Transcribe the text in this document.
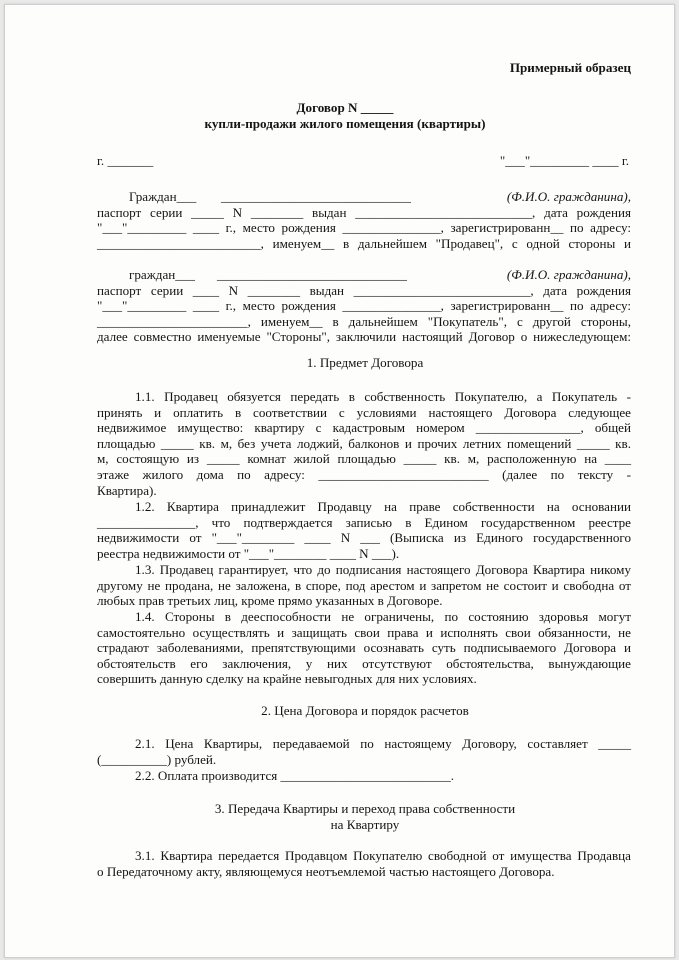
Примерный образец
Договор N _____
купли-продажи жилого помещения (квартиры)
г. _______	"___"_________ ____ г.
Граждан___ _____________________________	(Ф.И.О. гражданина),
паспорт серии _____ N ________ выдан ___________________________, дата рождения
"___"_________ ____ г., место рождения _______________, зарегистрированн__ по адресу:
_________________________, именуем__ в дальнейшем "Продавец", с одной стороны и
граждан___ _____________________________	(Ф.И.О. гражданина),
паспорт серии ____ N ________ выдан ___________________________, дата рождения
"___"_________ ____ г., место рождения _______________, зарегистрированн__ по адресу:
_______________________, именуем__ в дальнейшем "Покупатель", с другой стороны,
далее совместно именуемые "Стороны", заключили настоящий Договор о нижеследующем:
1. Предмет Договора
1.1. Продавец обязуется передать в собственность Покупателю, а Покупатель -
принять и оплатить в соответствии с условиями настоящего Договора следующее
недвижимое имущество: квартиру с кадастровым номером ________________, общей
площадью _____ кв. м, без учета лоджий, балконов и прочих летних помещений _____ кв.
м, состоящую из _____ комнат жилой площадью _____ кв. м, расположенную на ____
этаже жилого дома по адресу: __________________________ (далее по тексту -
Квартира).
1.2. Квартира принадлежит Продавцу на праве собственности на основании
_______________, что подтверждается записью в Едином государственном реестре
недвижимости от "___"________ ____ N ___ (Выписка из Единого государственного
реестра недвижимости от "___"________ ____ N ___).
1.3. Продавец гарантирует, что до подписания настоящего Договора Квартира никому
другому не продана, не заложена, в споре, под арестом и запретом не состоит и свободна от
любых прав третьих лиц, кроме прямо указанных в Договоре.
1.4. Стороны в дееспособности не ограничены, по состоянию здоровья могут
самостоятельно осуществлять и защищать свои права и исполнять свои обязанности, не
страдают заболеваниями, препятствующими осознавать суть подписываемого Договора и
обстоятельств его заключения, у них отсутствуют обстоятельства, вынуждающие
совершить данную сделку на крайне невыгодных для них условиях.
2. Цена Договора и порядок расчетов
2.1. Цена Квартиры, передаваемой по настоящему Договору, составляет _____
(__________) рублей.
2.2. Оплата производится __________________________.
3. Передача Квартиры и переход права собственности
на Квартиру
3.1. Квартира передается Продавцом Покупателю свободной от имущества Продавца
о Передаточному акту, являющемуся неотъемлемой частью настоящего Договора.
